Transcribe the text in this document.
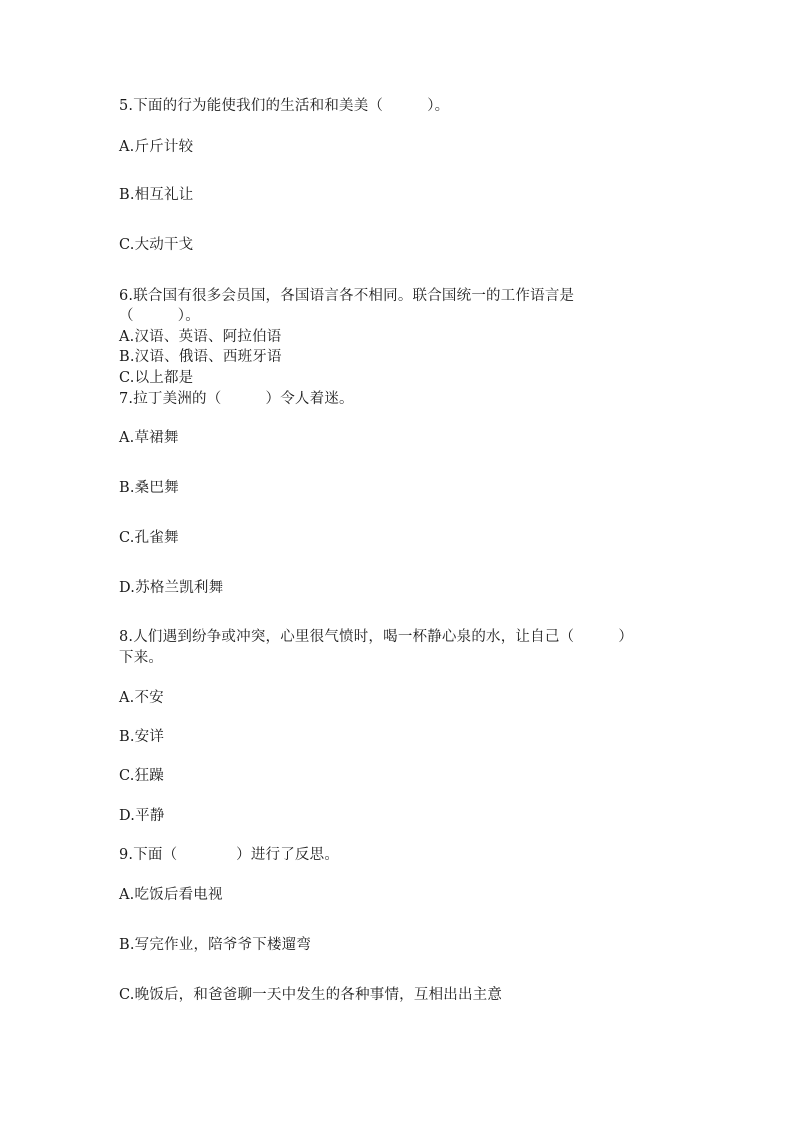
5.下面的行为能使我们的生活和和美美（　　　）。
A.斤斤计较
B.相互礼让
C.大动干戈
6.联合国有很多会员国，各国语言各不相同。联合国统一的工作语言是
（　　　）。
A.汉语、英语、阿拉伯语
B.汉语、俄语、西班牙语
C.以上都是
7.拉丁美洲的（　　　）令人着迷。
A.草裙舞
B.桑巴舞
C.孔雀舞
D.苏格兰凯利舞
8.人们遇到纷争或冲突，心里很气愤时，喝一杯静心泉的水，让自己（　　　）
下来。
A.不安
B.安详
C.狂躁
D.平静
9.下面（　　　　）进行了反思。
A.吃饭后看电视
B.写完作业，陪爷爷下楼遛弯
C.晚饭后，和爸爸聊一天中发生的各种事情，互相出出主意
